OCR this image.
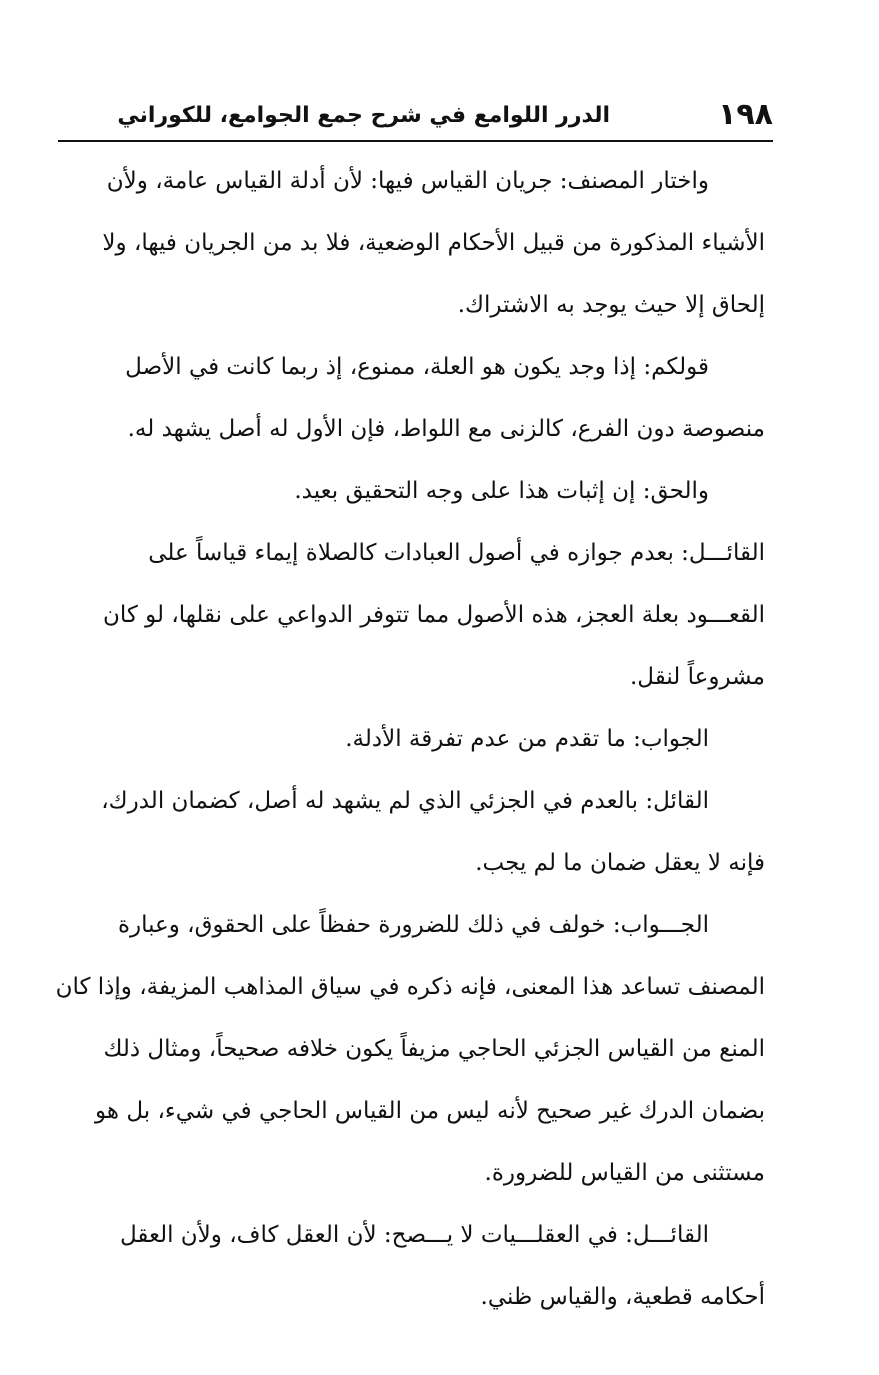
١٩٨
الدرر اللوامع في شرح جمع الجوامع، للكوراني

واختار المصنف: جريان القياس فيها: لأن أدلة القياس عامة، ولأن
الأشياء المذكورة من قبيل الأحكام الوضعية، فلا بد من الجريان فيها، ولا
إلحاق إلا حيث يوجد به الاشتراك.

قولكم: إذا وجد يكون هو العلة، ممنوع، إذ ربما كانت في الأصل
منصوصة دون الفرع، كالزنى مع اللواط، فإن الأول له أصل يشهد له.

والحق: إن إثبات هذا على وجه التحقيق بعيد.

القائـــل: بعدم جوازه في أصول العبادات كالصلاة إيماء قياساً على
القعـــود بعلة العجز، هذه الأصول مما تتوفر الدواعي على نقلها، لو كان
مشروعاً لنقل.

الجواب: ما تقدم من عدم تفرقة الأدلة.

القائل: بالعدم في الجزئي الذي لم يشهد له أصل، كضمان الدرك،
فإنه لا يعقل ضمان ما لم يجب.

الجـــواب: خولف في ذلك للضرورة حفظاً على الحقوق، وعبارة
المصنف تساعد هذا المعنى، فإنه ذكره في سياق المذاهب المزيفة، وإذا كان
المنع من القياس الجزئي الحاجي مزيفاً يكون خلافه صحيحاً، ومثال ذلك
بضمان الدرك غير صحيح لأنه ليس من القياس الحاجي في شيء، بل هو
مستثنى من القياس للضرورة.

القائـــل: في العقلـــيات لا يـــصح: لأن العقل كاف، ولأن العقل
أحكامه قطعية، والقياس ظني.
